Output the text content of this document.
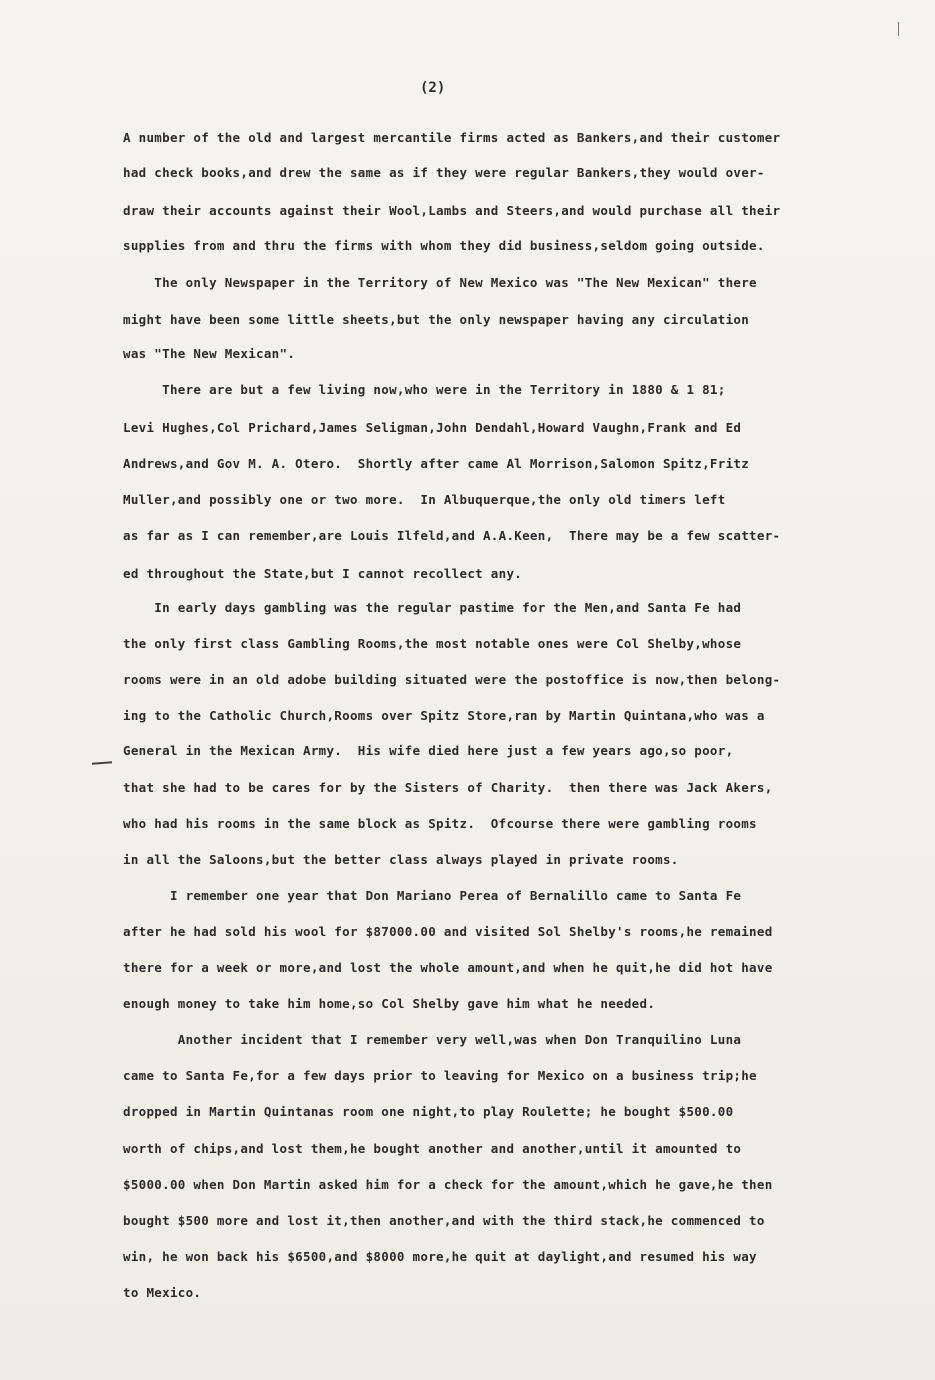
(2)

A number of the old and largest mercantile firms acted as Bankers,and their customer

had check books,and drew the same as if they were regular Bankers,they would over-

draw their accounts against their Wool,Lambs and Steers,and would purchase all their

supplies from and thru the firms with whom they did business,seldom going outside.

The only Newspaper in the Territory of New Mexico was "The New Mexican" there

might have been some little sheets,but the only newspaper having any circulation

was "The New Mexican".

There are but a few living now,who were in the Territory in 1880 & 1 81;

Levi Hughes,Col Prichard,James Seligman,John Dendahl,Howard Vaughn,Frank and Ed

Andrews,and Gov M. A. Otero.  Shortly after came Al Morrison,Salomon Spitz,Fritz

Muller,and possibly one or two more.  In Albuquerque,the only old timers left

as far as I can remember,are Louis Ilfeld,and A.A.Keen,  There may be a few scatter-

ed throughout the State,but I cannot recollect any.

In early days gambling was the regular pastime for the Men,and Santa Fe had

the only first class Gambling Rooms,the most notable ones were Col Shelby,whose

rooms were in an old adobe building situated were the postoffice is now,then belong-

ing to the Catholic Church,Rooms over Spitz Store,ran by Martin Quintana,who was a

General in the Mexican Army.  His wife died here just a few years ago,so poor,

that she had to be cares for by the Sisters of Charity.  then there was Jack Akers,

who had his rooms in the same block as Spitz.  Ofcourse there were gambling rooms

in all the Saloons,but the better class always played in private rooms.

I remember one year that Don Mariano Perea of Bernalillo came to Santa Fe

after he had sold his wool for $87000.00 and visited Sol Shelby's rooms,he remained

there for a week or more,and lost the whole amount,and when he quit,he did hot have

enough money to take him home,so Col Shelby gave him what he needed.

Another incident that I remember very well,was when Don Tranquilino Luna

came to Santa Fe,for a few days prior to leaving for Mexico on a business trip;he

dropped in Martin Quintanas room one night,to play Roulette; he bought $500.00

worth of chips,and lost them,he bought another and another,until it amounted to

$5000.00 when Don Martin asked him for a check for the amount,which he gave,he then

bought $500 more and lost it,then another,and with the third stack,he commenced to

win, he won back his $6500,and $8000 more,he quit at daylight,and resumed his way

to Mexico.
